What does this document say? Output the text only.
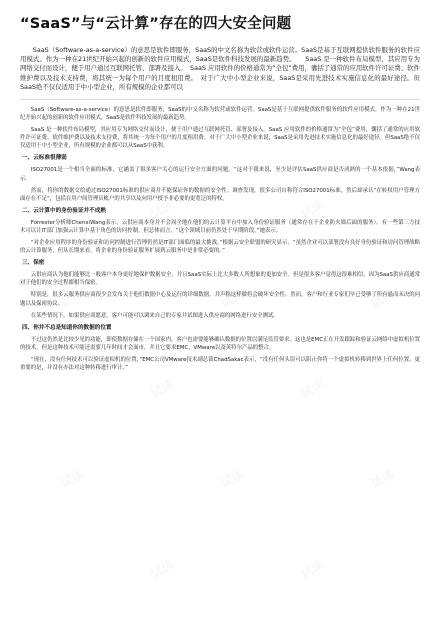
“SaaS”与“云计算”存在的四大安全问题

SaaS（Software-as-a-service）的意思是软件即服务，SaaS的中文名称为软营或软件运营。SaaS是基于互联网提供软件服务的软件应用模式。作为一种在21世纪开始兴起的创新的软件应用模式，SaaS是软件科技发展的最新趋势。　　SaaS 是一种软件布局模型，其应用专为网络交付而设计，便于用户通过互联网托管、部署及接入。　SaaS 应用软件的价格通常为“全包”费用，囊括了通常的应用软件许可证费、软件维护费以及技术支持费，将其统一为每个用户的月度租用费。　对于广大中小型企业来说，SaaS是采用先进技术实施信息化的最好途径。但SaaS绝不仅仅适用于中小型企业，所有规模的企业都可以

SaaS（Software-as-a-service）的意思是软件即服务，SaaS的中文名称为软营或软件运营。SaaS是基于互联网提供软件服务的软件应用模式。作为一种在21世纪开始兴起的创新的软件应用模式，SaaS是软件科技发展的最新趋势。

SaaS 是一种软件布局模型，其应用专为网络交付而设计，便于用户通过互联网托管、部署及接入。SaaS 应用软件的价格通常为“全包”费用，囊括了通常的应用软件许可证费、软件维护费以及技术支持费，将其统一为每个用户的月度租用费。对于广大中小型企业来说，SaaS是采用先进技术实施信息化的最好途径。但SaaS绝不仅仅适用于中小型企业，所有规模的企业都可以从SaaS中获利。

一、云标准很薄弱

ISO27001是一个相当全面的标准，它涵盖了很多客户关心的运行安全方面的问题。“这对于我来说，至少是评估SaaS供应商是否成熟的一个基本依据，”Wang表示。

然而，将你的数据交给通过ISO27001标准的供应商并不能保证你的数据的安全性。调查发现，很多公司自称符合ISO27001标准，然后却承认“在转权用户管理方面存在不足”，包括在用户间管理员帐户的共享以及向用户授予非必要的更宽泛的特权。

二、云计算中的身份验证并不成熟

Forrester分析师ChenxiWang表示，云供应商本身并不会周全地在他们的云计算平台中加入身份验证服务（通常存在于企业防火墙后面的服务）。有一些第三方技术可以让IT部门加强云计算中基于角色的访问控制。但总体而言，“这个领域目前仍然处于早期阶段，”她表示。

“对企业应用程序的身份验证和访问控制进行管理仍然是IT部门面临的最大挑战，”根据云安全联盟的研究显示，“虽然企业可以部署没有良好身份验证和访问管理战略的云计算服务，但从长期来看，将企业的身份验证服务扩展到云服务中是非常必要的。”

三、保密

云供应商认为他们能够比一般客户本身更好地保护数据安全，并且SaaS实际上比大多数人所想象的更加安全。但是很多客户觉得这很难相信，因为SaaS供应商通常对于他们的安全过程都相当保密。

特别是，很多云服务供应商很少会发布关于他们数据中心及运行的详细数据，并声称这样做将会破坏安全性。然而，客户和行业专家们早已受够了所有悬而未决的问题以及保密协议。

在某些情况下，如果供应商愿意，客户可能可以调来自己的专家并试图进入供应商的网络进行安全测试。

四、你并不总是知道你的数据的位置

不过这仍然是比较少见的功能，即使数据存储在一个国家内，客户也需要能够确认数据的位置以满足监管要求。这也是EMC正在开发跟踪和验证云网络中虚拟机位置的技术，但是这种技术可能还需要几年时间才会面市，并且它要求EMC、VMware以及英特尔产品的整合。

“现在，没有任何技术可以验证虚拟机的位置，”EMC公司VMware技术副总裁ChadSakac表示，“没有任何头误可以阻止你将一个虚拟机转移到世界上任何位置，更重要的是，并没有办法对这种转移进行审计。”

试读	试读
试读	试读	试读
试读	试读
试读	试读	试读
试读	试读
